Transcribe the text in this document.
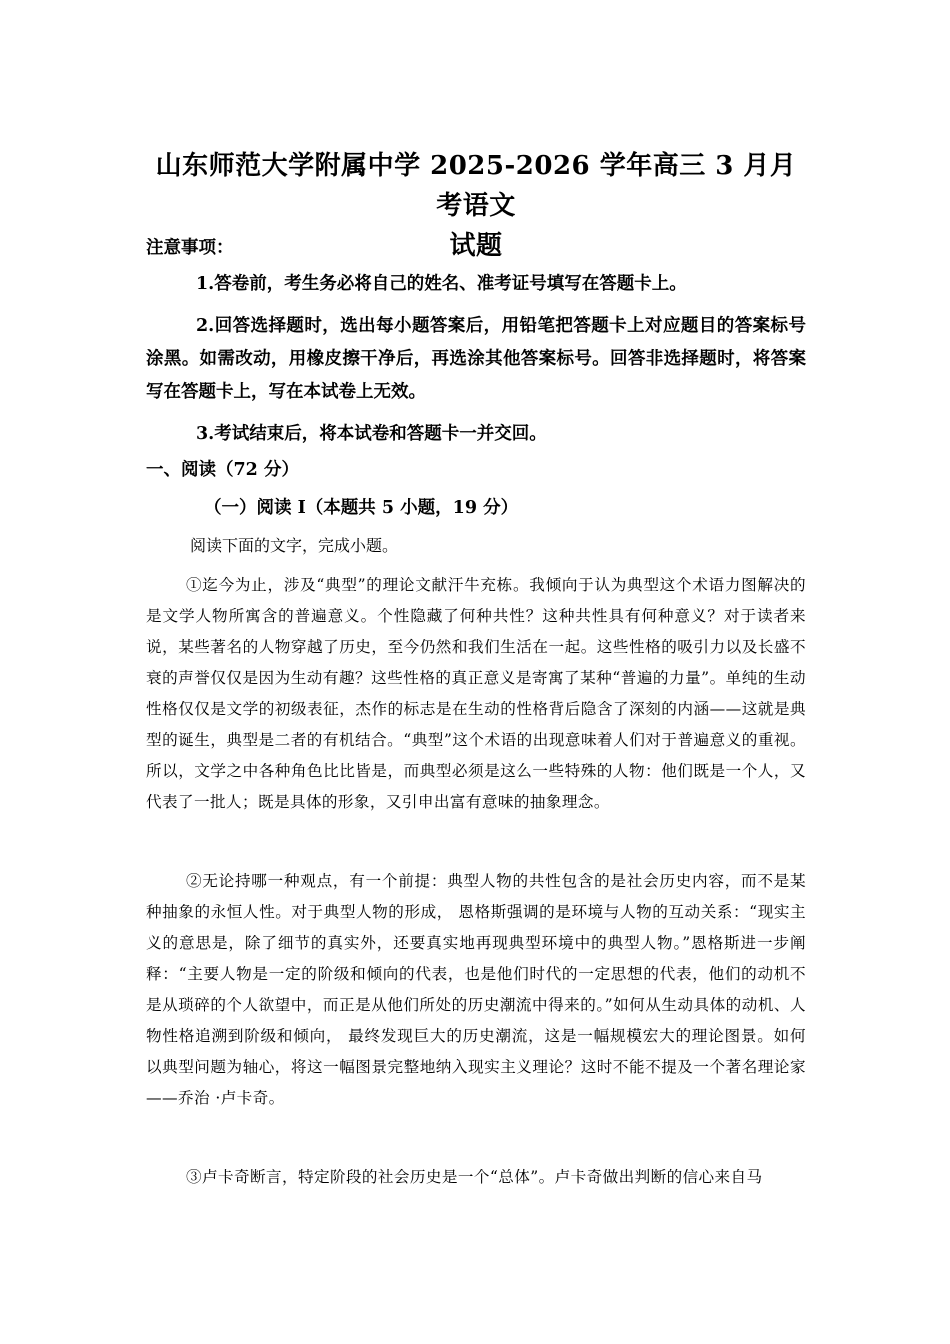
山东师范大学附属中学 2025-2026 学年高三 3 月月考语文
试题
注意事项：
1.答卷前，考生务必将自己的姓名、准考证号填写在答题卡上。
2.回答选择题时，选出每小题答案后，用铅笔把答题卡上对应题目的答案标号涂黑。如需改动，用橡皮擦干净后，再选涂其他答案标号。回答非选择题时，将答案写在答题卡上，写在本试卷上无效。
3.考试结束后，将本试卷和答题卡一并交回。
一、阅读（72 分）
（一）阅读 I（本题共 5 小题，19 分）
阅读下面的文字，完成小题。
①迄今为止，涉及“典型”的理论文献汗牛充栋。我倾向于认为典型这个术语力图解决的是文学人物所寓含的普遍意义。个性隐藏了何种共性？这种共性具有何种意义？对于读者来说，某些著名的人物穿越了历史，至今仍然和我们生活在一起。这些性格的吸引力以及长盛不衰的声誉仅仅是因为生动有趣？这些性格的真正意义是寄寓了某种“普遍的力量”。单纯的生动性格仅仅是文学的初级表征，杰作的标志是在生动的性格背后隐含了深刻的内涵——这就是典型的诞生，典型是二者的有机结合。“典型”这个术语的出现意味着人们对于普遍意义的重视。所以，文学之中各种角色比比皆是，而典型必须是这么一些特殊的人物：他们既是一个人，又代表了一批人；既是具体的形象，又引申出富有意味的抽象理念。
②无论持哪一种观点，有一个前提：典型人物的共性包含的是社会历史内容，而不是某种抽象的永恒人性。对于典型人物的形成， 恩格斯强调的是环境与人物的互动关系：“现实主义的意思是，除了细节的真实外，还要真实地再现典型环境中的典型人物。”恩格斯进一步阐释：“主要人物是一定的阶级和倾向的代表，也是他们时代的一定思想的代表，他们的动机不是从琐碎的个人欲望中，而正是从他们所处的历史潮流中得来的。”如何从生动具体的动机、人物性格追溯到阶级和倾向， 最终发现巨大的历史潮流，这是一幅规模宏大的理论图景。如何以典型问题为轴心，将这一幅图景完整地纳入现实主义理论？这时不能不提及一个著名理论家——乔治 ·卢卡奇。
③卢卡奇断言，特定阶段的社会历史是一个“总体”。卢卡奇做出判断的信心来自马
